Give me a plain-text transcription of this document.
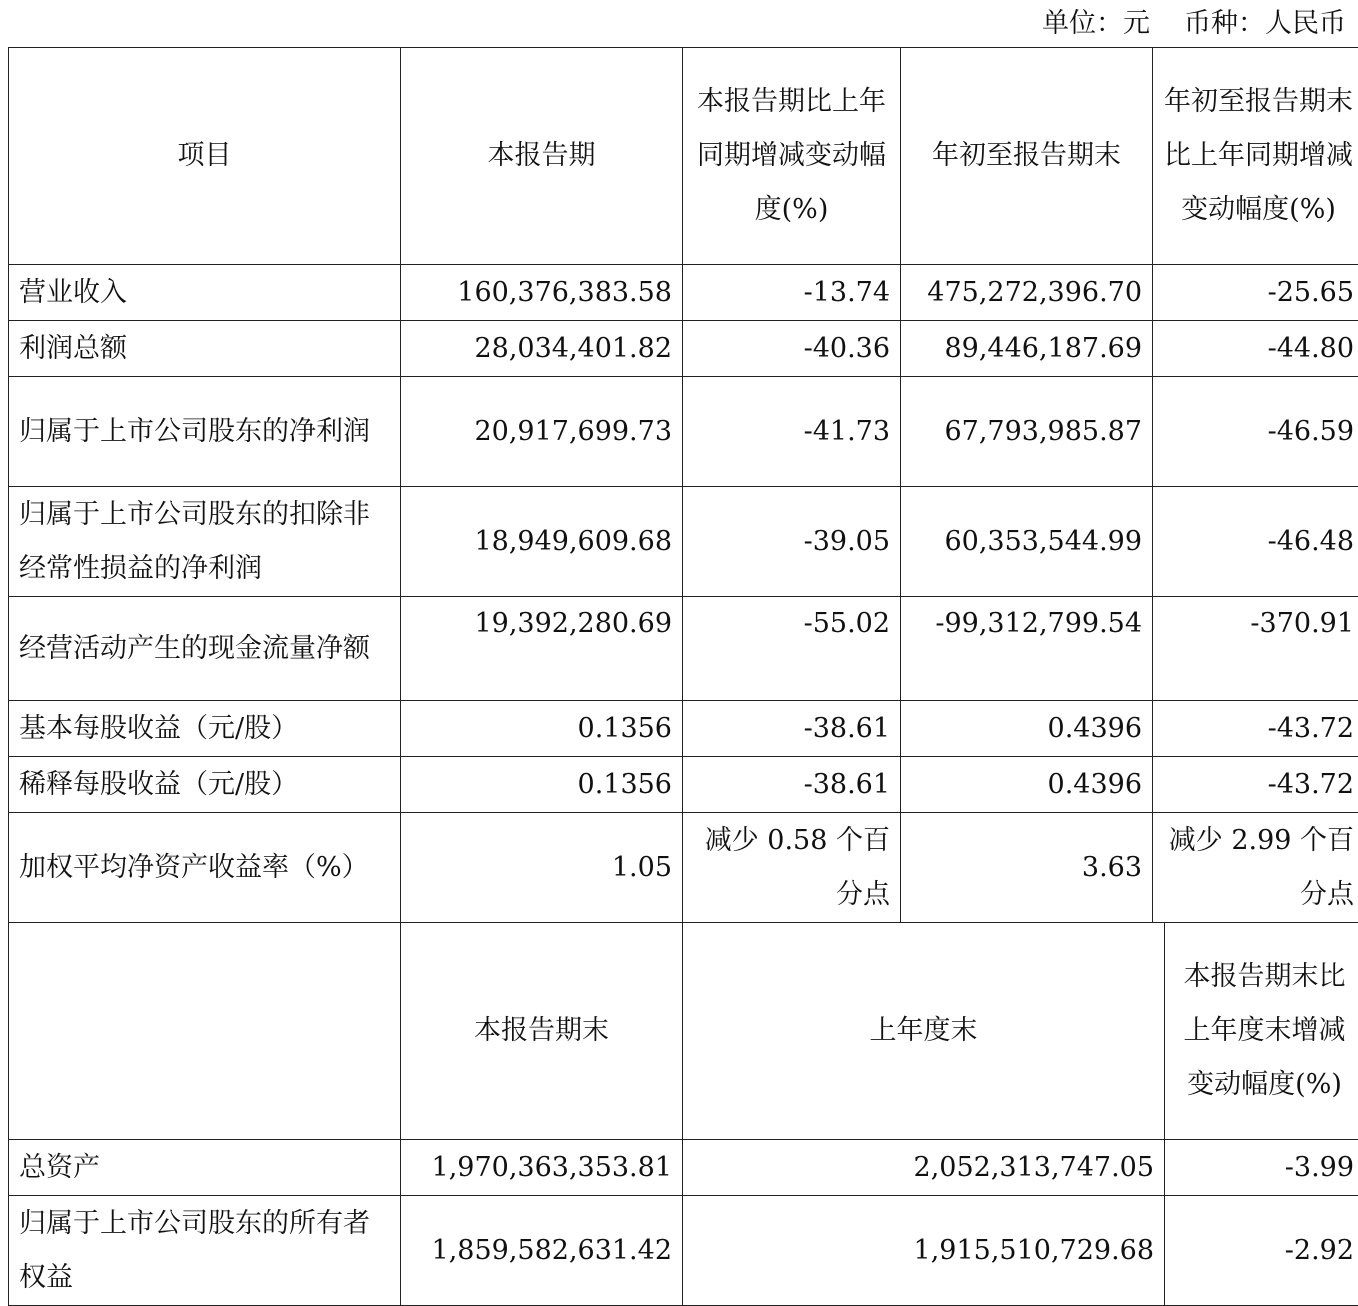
单位：元 币种：人民币
项目	本报告期	本报告期比上年同期增减变动幅度(%)	年初至报告期末	年初至报告期末比上年同期增减变动幅度(%)	
营业收入	160,376,383.58	-13.74	475,272,396.70	-25.65	
利润总额	28,034,401.82	-40.36	89,446,187.69	-44.80	
归属于上市公司股东的净利润	20,917,699.73	-41.73	67,793,985.87	-46.59	
归属于上市公司股东的扣除非经常性损益的净利润	18,949,609.68	-39.05	60,353,544.99	-46.48	
经营活动产生的现金流量净额	19,392,280.69	-55.02	-99,312,799.54	-370.91	
基本每股收益（元/股）	0.1356	-38.61	0.4396	-43.72	
稀释每股收益（元/股）	0.1356	-38.61	0.4396	-43.72	
加权平均净资产收益率（%）	1.05	减少 0.58 个百分点	3.63	减少 2.99 个百分点	
	本报告期末	上年度末			本报告期末比上年度末增减变动幅度(%)
总资产	1,970,363,353.81	2,052,313,747.05			-3.99
归属于上市公司股东的所有者权益	1,859,582,631.42	1,915,510,729.68			-2.92
